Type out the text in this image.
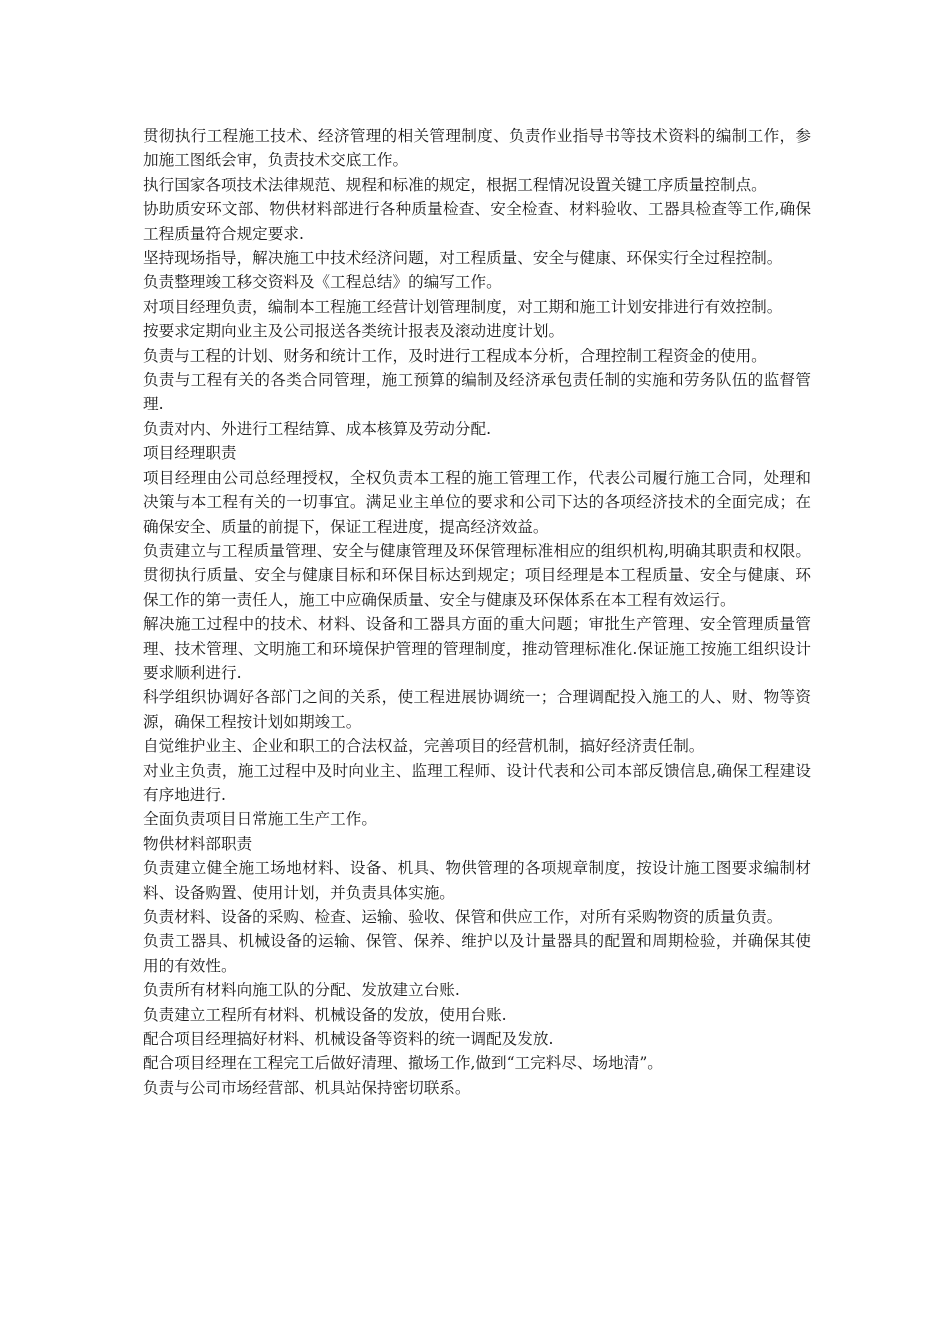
贯彻执行工程施工技术、经济管理的相关管理制度、负责作业指导书等技术资料的编制工作，参加施工图纸会审，负责技术交底工作。

执行国家各项技术法律规范、规程和标准的规定，根据工程情况设置关键工序质量控制点。

协助质安环文部、物供材料部进行各种质量检查、安全检查、材料验收、工器具检查等工作,确保工程质量符合规定要求.

坚持现场指导，解决施工中技术经济问题，对工程质量、安全与健康、环保实行全过程控制。

负责整理竣工移交资料及《工程总结》的编写工作。

对项目经理负责，编制本工程施工经营计划管理制度，对工期和施工计划安排进行有效控制。

按要求定期向业主及公司报送各类统计报表及滚动进度计划。

负责与工程的计划、财务和统计工作，及时进行工程成本分析，合理控制工程资金的使用。

负责与工程有关的各类合同管理，施工预算的编制及经济承包责任制的实施和劳务队伍的监督管理.

负责对内、外进行工程结算、成本核算及劳动分配.

项目经理职责

项目经理由公司总经理授权，全权负责本工程的施工管理工作，代表公司履行施工合同，处理和决策与本工程有关的一切事宜。满足业主单位的要求和公司下达的各项经济技术的全面完成；在确保安全、质量的前提下，保证工程进度，提高经济效益。

负责建立与工程质量管理、安全与健康管理及环保管理标准相应的组织机构,明确其职责和权限。贯彻执行质量、安全与健康目标和环保目标达到规定；项目经理是本工程质量、安全与健康、环保工作的第一责任人，施工中应确保质量、安全与健康及环保体系在本工程有效运行。

解决施工过程中的技术、材料、设备和工器具方面的重大问题；审批生产管理、安全管理质量管理、技术管理、文明施工和环境保护管理的管理制度，推动管理标准化.保证施工按施工组织设计要求顺利进行.

科学组织协调好各部门之间的关系，使工程进展协调统一；合理调配投入施工的人、财、物等资源，确保工程按计划如期竣工。

自觉维护业主、企业和职工的合法权益，完善项目的经营机制，搞好经济责任制。

对业主负责，施工过程中及时向业主、监理工程师、设计代表和公司本部反馈信息,确保工程建设有序地进行.

全面负责项目日常施工生产工作。

物供材料部职责

负责建立健全施工场地材料、设备、机具、物供管理的各项规章制度，按设计施工图要求编制材料、设备购置、使用计划，并负责具体实施。

负责材料、设备的采购、检查、运输、验收、保管和供应工作，对所有采购物资的质量负责。

负责工器具、机械设备的运输、保管、保养、维护以及计量器具的配置和周期检验，并确保其使用的有效性。

负责所有材料向施工队的分配、发放建立台账.

负责建立工程所有材料、机械设备的发放，使用台账.

配合项目经理搞好材料、机械设备等资料的统一调配及发放.

配合项目经理在工程完工后做好清理、撤场工作,做到“工完料尽、场地清”。

负责与公司市场经营部、机具站保持密切联系。
